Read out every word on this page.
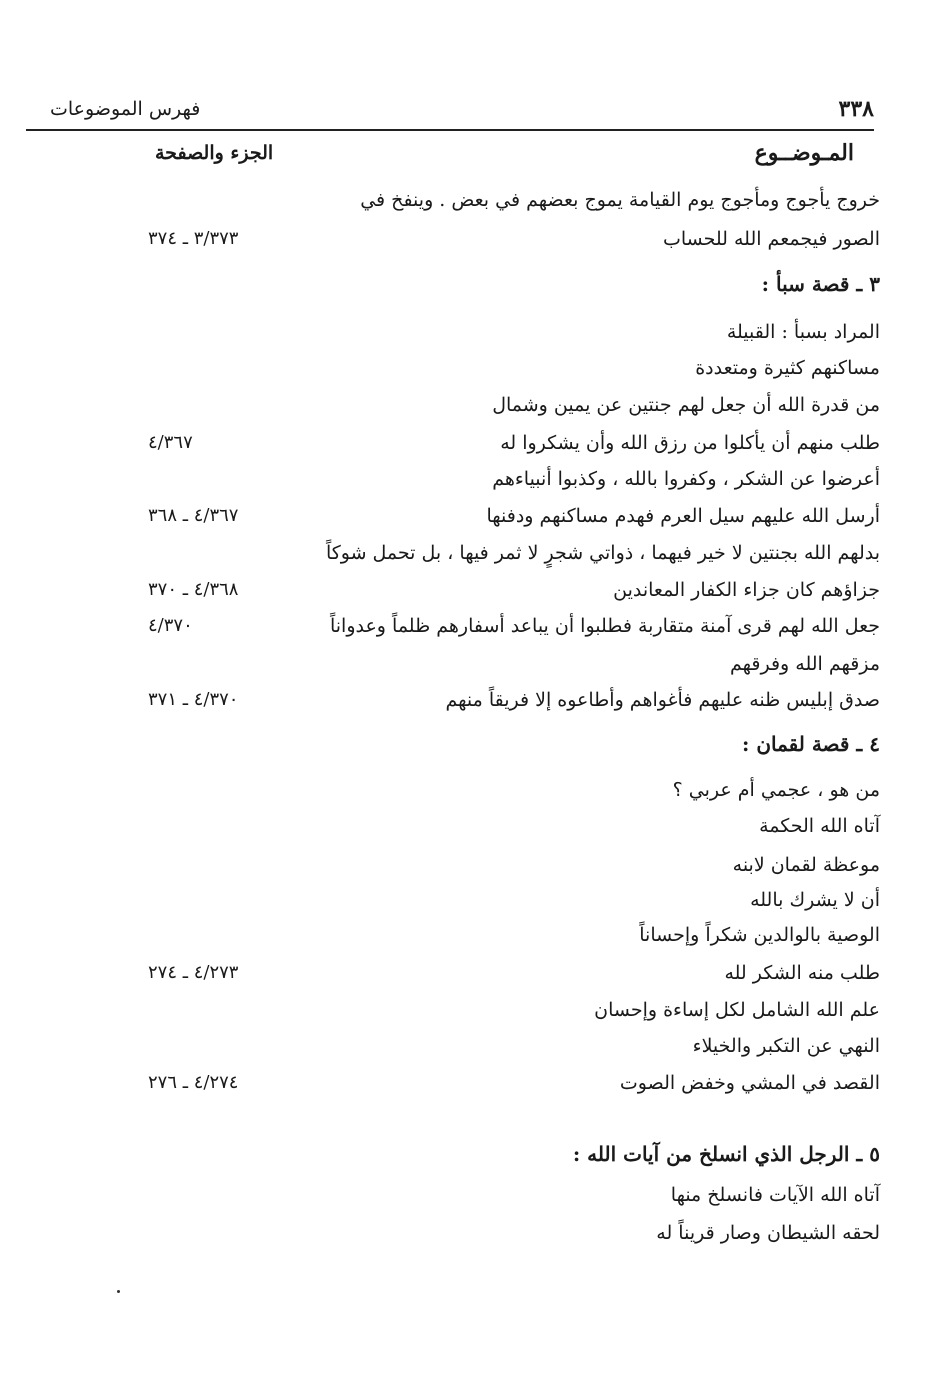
٣٣٨
فهرس الموضوعات
المـوضــوع
الجزء والصفحة
خروج يأجوج ومأجوج يوم القيامة يموج بعضهم في بعض . وينفخ في
الصور فيجمعم الله للحساب
٣/٣٧٣ ـ ٣٧٤
٣ ـ قصة سبأ :
المراد بسبأ : القبيلة
مساكنهم كثيرة ومتعددة
من قدرة الله أن جعل لهم جنتين عن يمين وشمال
طلب منهم أن يأكلوا من رزق الله وأن يشكروا له
٤/٣٦٧
أعرضوا عن الشكر ، وكفروا بالله ، وكذبوا أنبياءهم
أرسل الله عليهم سيل العرم فهدم مساكنهم ودفنها
٤/٣٦٧ ـ ٣٦٨
بدلهم الله بجنتين لا خير فيهما ، ذواتي شجرٍ لا ثمر فيها ، بل تحمل شوكاً
جزاؤهم كان جزاء الكفار المعاندين
٤/٣٦٨ ـ ٣٧٠
جعل الله لهم قرى آمنة متقاربة فطلبوا أن يباعد أسفارهم ظلماً وعدواناً
٤/٣٧٠
مزقهم الله وفرقهم
صدق إبليس ظنه عليهم فأغواهم وأطاعوه إلا فريقاً منهم
٤/٣٧٠ ـ ٣٧١
٤ ـ قصة لقمان :
من هو ، عجمي أم عربي ؟
آتاه الله الحكمة
موعظة لقمان لابنه
أن لا يشرك بالله
الوصية بالوالدين شكراً وإحساناً
طلب منه الشكر لله
٤/٢٧٣ ـ ٢٧٤
علم الله الشامل لكل إساءة وإحسان
النهي عن التكبر والخيلاء
القصد في المشي وخفض الصوت
٤/٢٧٤ ـ ٢٧٦
٥ ـ الرجل الذي انسلخ من آيات الله :
آتاه الله الآيات فانسلخ منها
لحقه الشيطان وصار قريناً له
